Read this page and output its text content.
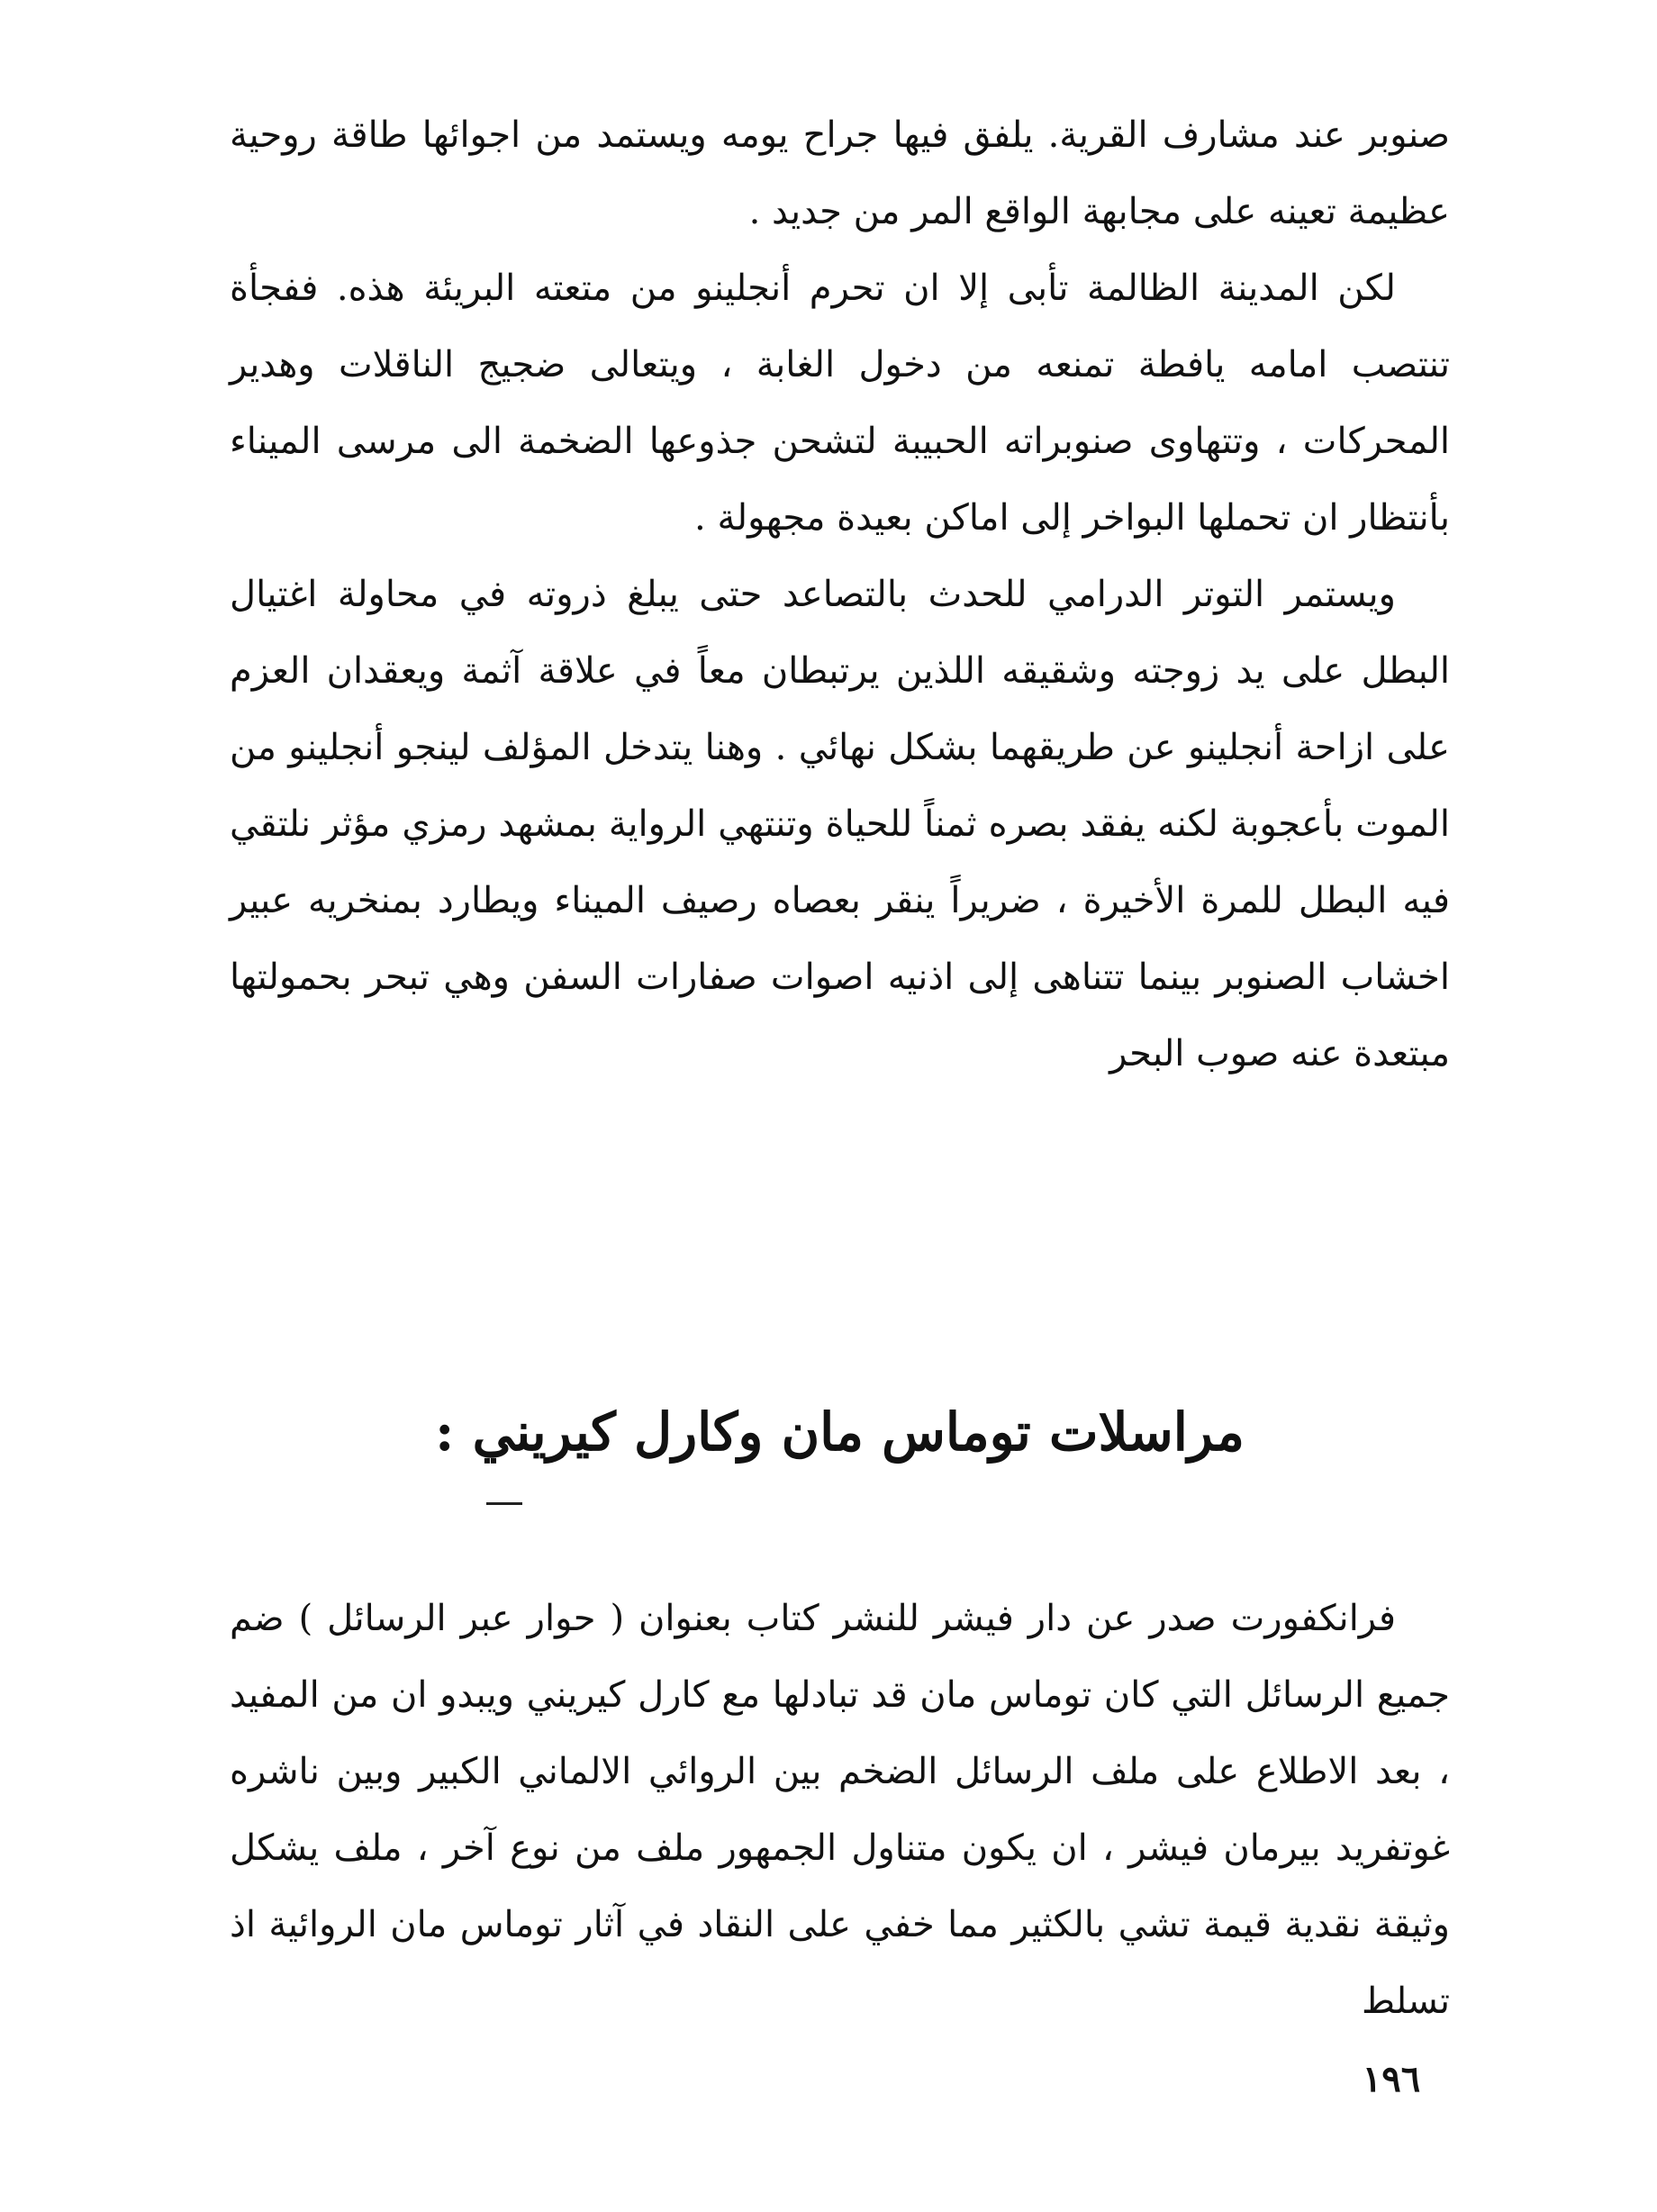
صنوبر عند مشارف القرية. يلفق فيها جراح يومه ويستمد من اجوائها طاقة روحية عظيمة تعينه على مجابهة الواقع المر من جديد .

لكن المدينة الظالمة تأبى إلا ان تحرم أنجلينو من متعته البريئة هذه. ففجأة تنتصب امامه يافطة تمنعه من دخول الغابة ، ويتعالى ضجيج الناقلات وهدير المحركات ، وتتهاوى صنوبراته الحبيبة لتشحن جذوعها الضخمة الى مرسى الميناء بأنتظار ان تحملها البواخر إلى اماكن بعيدة مجهولة .

ويستمر التوتر الدرامي للحدث بالتصاعد حتى يبلغ ذروته في محاولة اغتيال البطل على يد زوجته وشقيقه اللذين يرتبطان معاً في علاقة آثمة ويعقدان العزم على ازاحة أنجلينو عن طريقهما بشكل نهائي . وهنا يتدخل المؤلف لينجو أنجلينو من الموت بأعجوبة لكنه يفقد بصره ثمناً للحياة وتنتهي الرواية بمشهد رمزي مؤثر نلتقي فيه البطل للمرة الأخيرة ، ضريراً ينقر بعصاه رصيف الميناء ويطارد بمنخريه عبير اخشاب الصنوبر بينما تتناهى إلى اذنيه اصوات صفارات السفن وهي تبحر بحمولتها مبتعدة عنه صوب البحر

مراسلات توماس مان وكارل كيريني :

فرانكفورت صدر عن دار فيشر للنشر كتاب بعنوان ( حوار عبر الرسائل ) ضم جميع الرسائل التي كان توماس مان قد تبادلها مع كارل كيريني ويبدو ان من المفيد ، بعد الاطلاع على ملف الرسائل الضخم بين الروائي الالماني الكبير وبين ناشره غوتفريد بيرمان فيشر ، ان يكون متناول الجمهور ملف من نوع آخر ، ملف يشكل وثيقة نقدية قيمة تشي بالكثير مما خفي على النقاد في آثار توماس مان الروائية اذ تسلط

١٩٦
